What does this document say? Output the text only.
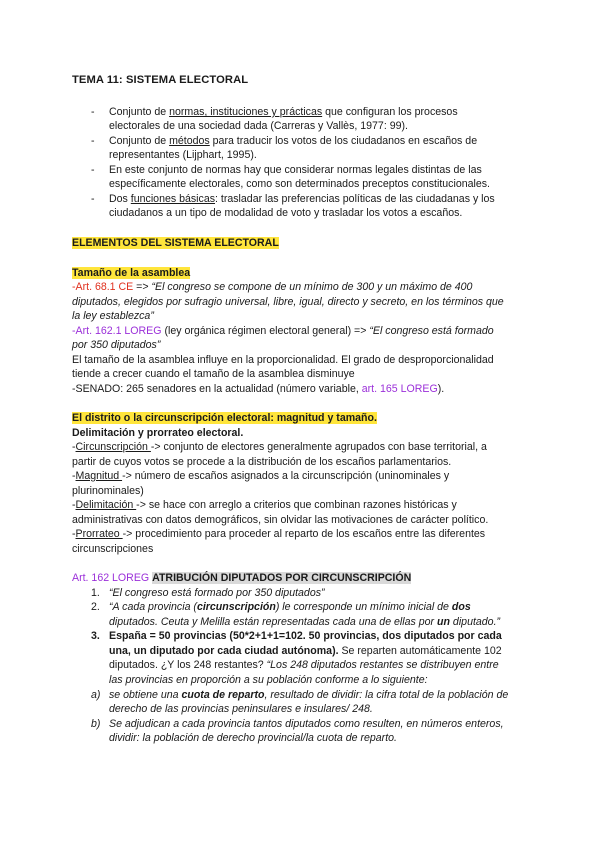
TEMA 11: SISTEMA ELECTORAL
- Conjunto de normas, instituciones y prácticas que configuran los procesos
electorales de una sociedad dada (Carreras y Vallès, 1977: 99).
- Conjunto de métodos para traducir los votos de los ciudadanos en escaños de
representantes (Lijphart, 1995).
- En este conjunto de normas hay que considerar normas legales distintas de las
específicamente electorales, como son determinados preceptos constitucionales.
- Dos funciones básicas: trasladar las preferencias políticas de las ciudadanas y los
ciudadanos a un tipo de modalidad de voto y trasladar los votos a escaños.
ELEMENTOS DEL SISTEMA ELECTORAL
Tamaño de la asamblea
-Art. 68.1 CE => “El congreso se compone de un mínimo de 300 y un máximo de 400
diputados, elegidos por sufragio universal, libre, igual, directo y secreto, en los términos que
la ley establezca”
-Art. 162.1 LOREG (ley orgánica régimen electoral general) => “El congreso está formado
por 350 diputados”
El tamaño de la asamblea influye en la proporcionalidad. El grado de desproporcionalidad
tiende a crecer cuando el tamaño de la asamblea disminuye
-SENADO: 265 senadores en la actualidad (número variable, art. 165 LOREG).
El distrito o la circunscripción electoral: magnitud y tamaño.
Delimitación y prorrateo electoral.
-Circunscripción -> conjunto de electores generalmente agrupados con base territorial, a
partir de cuyos votos se procede a la distribución de los escaños parlamentarios.
-Magnitud -> número de escaños asignados a la circunscripción (uninominales y
plurinominales)
-Delimitación -> se hace con arreglo a criterios que combinan razones históricas y
administrativas con datos demográficos, sin olvidar las motivaciones de carácter político.
-Prorrateo -> procedimiento para proceder al reparto de los escaños entre las diferentes
circunscripciones
Art. 162 LOREG ATRIBUCIÓN DIPUTADOS POR CIRCUNSCRIPCIÓN
1. “El congreso está formado por 350 diputados”
2. “A cada provincia (circunscripción) le corresponde un mínimo inicial de dos
diputados. Ceuta y Melilla están representadas cada una de ellas por un diputado.”
3. España = 50 provincias (50*2+1+1=102. 50 provincias, dos diputados por cada
una, un diputado por cada ciudad autónoma). Se reparten automáticamente 102
diputados. ¿Y los 248 restantes? “Los 248 diputados restantes se distribuyen entre
las provincias en proporción a su población conforme a lo siguiente:
a) se obtiene una cuota de reparto, resultado de dividir: la cifra total de la población de
derecho de las provincias peninsulares e insulares/ 248.
b) Se adjudican a cada provincia tantos diputados como resulten, en números enteros,
dividir: la población de derecho provincial/la cuota de reparto.
